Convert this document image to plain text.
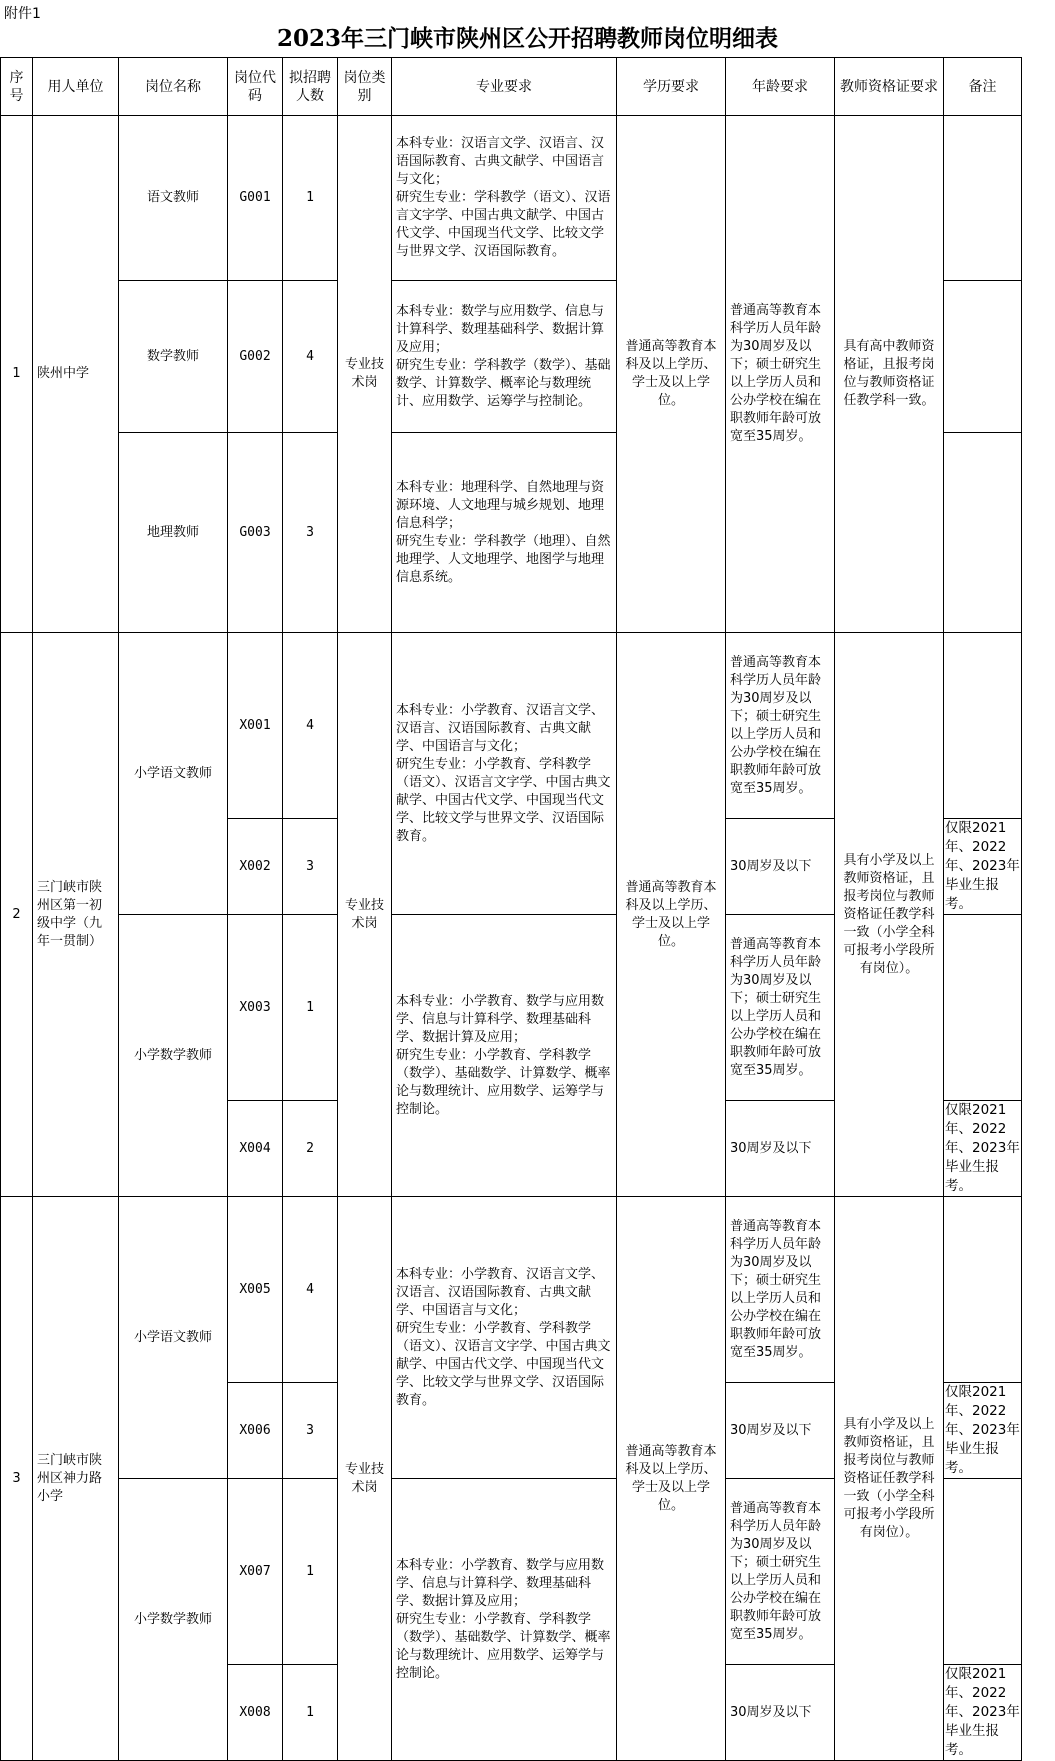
附件1
2023年三门峡市陕州区公开招聘教师岗位明细表
序号	用人单位	岗位名称	岗位代码	拟招聘人数	岗位类别	专业要求	学历要求	年龄要求	教师资格证要求	备注
1	陕州中学	语文教师	G001	1	专业技术岗	本科专业：汉语言文学、汉语言、汉语国际教育、古典文献学、中国语言与文化；
研究生专业：学科教学（语文）、汉语言文字学、中国古典文献学、中国古代文学、中国现当代文学、比较文学与世界文学、汉语国际教育。	普通高等教育本科及以上学历、学士及以上学位。	普通高等教育本科学历人员年龄为30周岁及以下；硕士研究生以上学历人员和公办学校在编在职教师年龄可放宽至35周岁。	具有高中教师资格证，且报考岗位与教师资格证任教学科一致。	
		数学教师	G002	4		本科专业：数学与应用数学、信息与计算科学、数理基础科学、数据计算及应用；
研究生专业：学科教学（数学）、基础数学、计算数学、概率论与数理统计、应用数学、运筹学与控制论。				
		地理教师	G003	3		本科专业：地理科学、自然地理与资源环境、人文地理与城乡规划、地理信息科学；
研究生专业：学科教学（地理）、自然地理学、人文地理学、地图学与地理信息系统。				
2	三门峡市陕州区第一初级中学（九年一贯制）	小学语文教师	X001	4	专业技术岗	本科专业：小学教育、汉语言文学、汉语言、汉语国际教育、古典文献学、中国语言与文化；
研究生专业：小学教育、学科教学（语文）、汉语言文字学、中国古典文献学、中国古代文学、中国现当代文学、比较文学与世界文学、汉语国际教育。	普通高等教育本科及以上学历、学士及以上学位。	普通高等教育本科学历人员年龄为30周岁及以下；硕士研究生以上学历人员和公办学校在编在职教师年龄可放宽至35周岁。	具有小学及以上教师资格证，且报考岗位与教师资格证任教学科一致（小学全科可报考小学段所有岗位）。	
			X002	3				30周岁及以下		仅限2021年、2022年、2023年毕业生报考。
		小学数学教师	X003	1		本科专业：小学教育、数学与应用数学、信息与计算科学、数理基础科学、数据计算及应用；
研究生专业：小学教育、学科教学（数学）、基础数学、计算数学、概率论与数理统计、应用数学、运筹学与控制论。		普通高等教育本科学历人员年龄为30周岁及以下；硕士研究生以上学历人员和公办学校在编在职教师年龄可放宽至35周岁。		
			X004	2				30周岁及以下		仅限2021年、2022年、2023年毕业生报考。
3	三门峡市陕州区神力路小学	小学语文教师	X005	4	专业技术岗	本科专业：小学教育、汉语言文学、汉语言、汉语国际教育、古典文献学、中国语言与文化；
研究生专业：小学教育、学科教学（语文）、汉语言文字学、中国古典文献学、中国古代文学、中国现当代文学、比较文学与世界文学、汉语国际教育。	普通高等教育本科及以上学历、学士及以上学位。	普通高等教育本科学历人员年龄为30周岁及以下；硕士研究生以上学历人员和公办学校在编在职教师年龄可放宽至35周岁。	具有小学及以上教师资格证，且报考岗位与教师资格证任教学科一致（小学全科可报考小学段所有岗位）。	
			X006	3				30周岁及以下		仅限2021年、2022年、2023年毕业生报考。
		小学数学教师	X007	1		本科专业：小学教育、数学与应用数学、信息与计算科学、数理基础科学、数据计算及应用；
研究生专业：小学教育、学科教学（数学）、基础数学、计算数学、概率论与数理统计、应用数学、运筹学与控制论。		普通高等教育本科学历人员年龄为30周岁及以下；硕士研究生以上学历人员和公办学校在编在职教师年龄可放宽至35周岁。		
			X008	1				30周岁及以下		仅限2021年、2022年、2023年毕业生报考。
